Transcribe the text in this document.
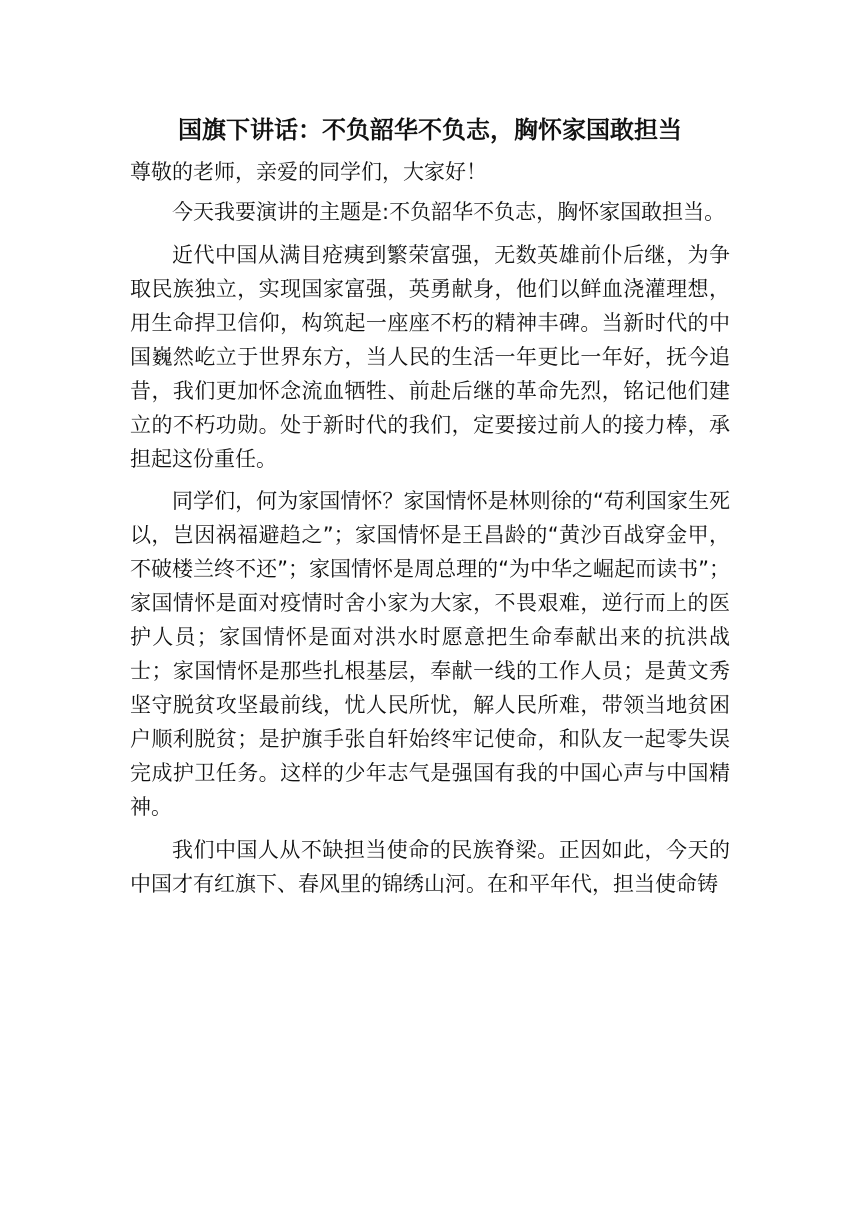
国旗下讲话：不负韶华不负志，胸怀家国敢担当

尊敬的老师，亲爱的同学们，大家好！

今天我要演讲的主题是:不负韶华不负志，胸怀家国敢担当。

近代中国从满目疮痍到繁荣富强，无数英雄前仆后继，为争取民族独立，实现国家富强，英勇献身，他们以鲜血浇灌理想，用生命捍卫信仰，构筑起一座座不朽的精神丰碑。当新时代的中国巍然屹立于世界东方，当人民的生活一年更比一年好，抚今追昔，我们更加怀念流血牺牲、前赴后继的革命先烈，铭记他们建立的不朽功勋。处于新时代的我们，定要接过前人的接力棒，承担起这份重任。

同学们，何为家国情怀？家国情怀是林则徐的“苟利国家生死以，岂因祸福避趋之”；家国情怀是王昌龄的“黄沙百战穿金甲，不破楼兰终不还”；家国情怀是周总理的“为中华之崛起而读书”；家国情怀是面对疫情时舍小家为大家，不畏艰难，逆行而上的医护人员；家国情怀是面对洪水时愿意把生命奉献出来的抗洪战士；家国情怀是那些扎根基层，奉献一线的工作人员；是黄文秀坚守脱贫攻坚最前线，忧人民所忧，解人民所难，带领当地贫困户顺利脱贫；是护旗手张自轩始终牢记使命，和队友一起零失误完成护卫任务。这样的少年志气是强国有我的中国心声与中国精神。

我们中国人从不缺担当使命的民族脊梁。正因如此，今天的中国才有红旗下、春风里的锦绣山河。在和平年代，担当使命铸
